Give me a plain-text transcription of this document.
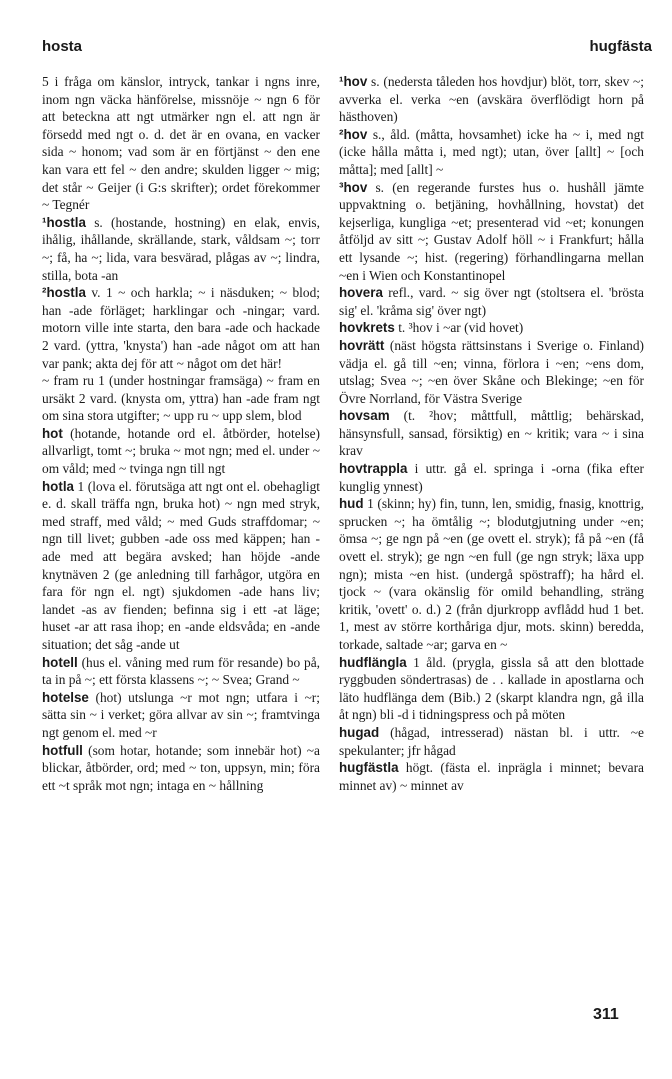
hosta	hugfästa

5 i fråga om känslor, intryck, tankar i ngns inre, inom ngn väcka hänförelse, missnöje ~ ngn 6 för att beteckna att ngt utmärker ngn el. att ngn är försedd med ngt o. d. det är en ovana, en vacker sida ~ honom; vad som är en förtjänst ~ den ene kan vara ett fel ~ den andre; skulden ligger ~ mig; det står ~ Geijer (i G:s skrifter); ordet förekommer ~ Tegnér

¹hostla s. (hostande, hostning) en elak, envis, ihålig, ihållande, skrällande, stark, våldsam ~; torr ~; få, ha ~; lida, vara besvärad, plågas av ~; lindra, stilla, bota -an

²hostla v. 1 ~ och harkla; ~ i näsduken; ~ blod; han -ade förläget; harklingar och -ningar; vard. motorn ville inte starta, den bara -ade och hackade 2 vard. (yttra, 'knysta') han -ade något om att han var pank; akta dej för att ~ något om det här!

~ fram ru 1 (under hostningar framsäga) ~ fram en ursäkt 2 vard. (knysta om, yttra) han -ade fram ngt om sina stora utgifter; ~ upp ru ~ upp slem, blod

hot (hotande, hotande ord el. åtbörder, hotelse) allvarligt, tomt ~; bruka ~ mot ngn; med el. under ~ om våld; med ~ tvinga ngn till ngt

hotla 1 (lova el. förutsäga att ngt ont el. obehagligt e. d. skall träffa ngn, bruka hot) ~ ngn med stryk, med straff, med våld; ~ med Guds straffdomar; ~ ngn till livet; gubben -ade oss med käppen; han -ade med att begära avsked; han höjde -ande knytnäven 2 (ge anledning till farhågor, utgöra en fara för ngn el. ngt) sjukdomen -ade hans liv; landet -as av fienden; befinna sig i ett -at läge; huset -ar att rasa ihop; en -ande eldsvåda; en -ande situation; det såg -ande ut

hotell (hus el. våning med rum för resande) bo på, ta in på ~; ett första klassens ~; ~ Svea; Grand ~

hotelse (hot) utslunga ~r mot ngn; utfara i ~r; sätta sin ~ i verket; göra allvar av sin ~; framtvinga ngt genom el. med ~r

hotfull (som hotar, hotande; som innebär hot) ~a blickar, åtbörder, ord; med ~ ton, uppsyn, min; föra ett ~t språk mot ngn; intaga en ~ hållning

¹hov s. (nedersta tåleden hos hovdjur) blöt, torr, skev ~; avverka el. verka ~en (avskära överflödigt horn på hästhoven)

²hov s., åld. (måtta, hovsamhet) icke ha ~ i, med ngt (icke hålla måtta i, med ngt); utan, över [allt] ~ [och måtta]; med [allt] ~

³hov s. (en regerande furstes hus o. hushåll jämte uppvaktning o. betjäning, hovhållning, hovstat) det kejserliga, kungliga ~et; presenterad vid ~et; konungen åtföljd av sitt ~; Gustav Adolf höll ~ i Frankfurt; hålla ett lysande ~; hist. (regering) förhandlingarna mellan ~en i Wien och Konstantinopel

hovera refl., vard. ~ sig över ngt (stoltsera el. 'brösta sig' el. 'kråma sig' över ngt)

hovkrets t. ³hov i ~ar (vid hovet)

hovrätt (näst högsta rättsinstans i Sverige o. Finland) vädja el. gå till ~en; vinna, förlora i ~en; ~ens dom, utslag; Svea ~; ~en över Skåne och Blekinge; ~en för Övre Norrland, för Västra Sverige

hovsam (t. ²hov; måttfull, måttlig; behärskad, hänsynsfull, sansad, försiktig) en ~ kritik; vara ~ i sina krav

hovtrappla i uttr. gå el. springa i -orna (fika efter kunglig ynnest)

hud 1 (skinn; hy) fin, tunn, len, smidig, fnasig, knottrig, sprucken ~; ha ömtålig ~; blodutgjutning under ~en; ömsa ~; ge ngn på ~en (ge ovett el. stryk); få på ~en (få ovett el. stryk); ge ngn ~en full (ge ngn stryk; läxa upp ngn); mista ~en hist. (undergå spöstraff); ha hård el. tjock ~ (vara okänslig för omild behandling, sträng kritik, 'ovett' o. d.) 2 (från djurkropp avflådd hud 1 bet. 1, mest av större korthåriga djur, mots. skinn) beredda, torkade, saltade ~ar; garva en ~

hudflängla 1 åld. (prygla, gissla så att den blottade ryggbuden söndertrasas) de . . kallade in apostlarna och läto hudflänga dem (Bib.) 2 (skarpt klandra ngn, gå illa åt ngn) bli -d i tidningspress och på möten

hugad (hågad, intresserad) nästan bl. i uttr. ~e spekulanter; jfr hågad

hugfästla högt. (fästa el. inprägla i minnet; bevara minnet av) ~ minnet av

311
